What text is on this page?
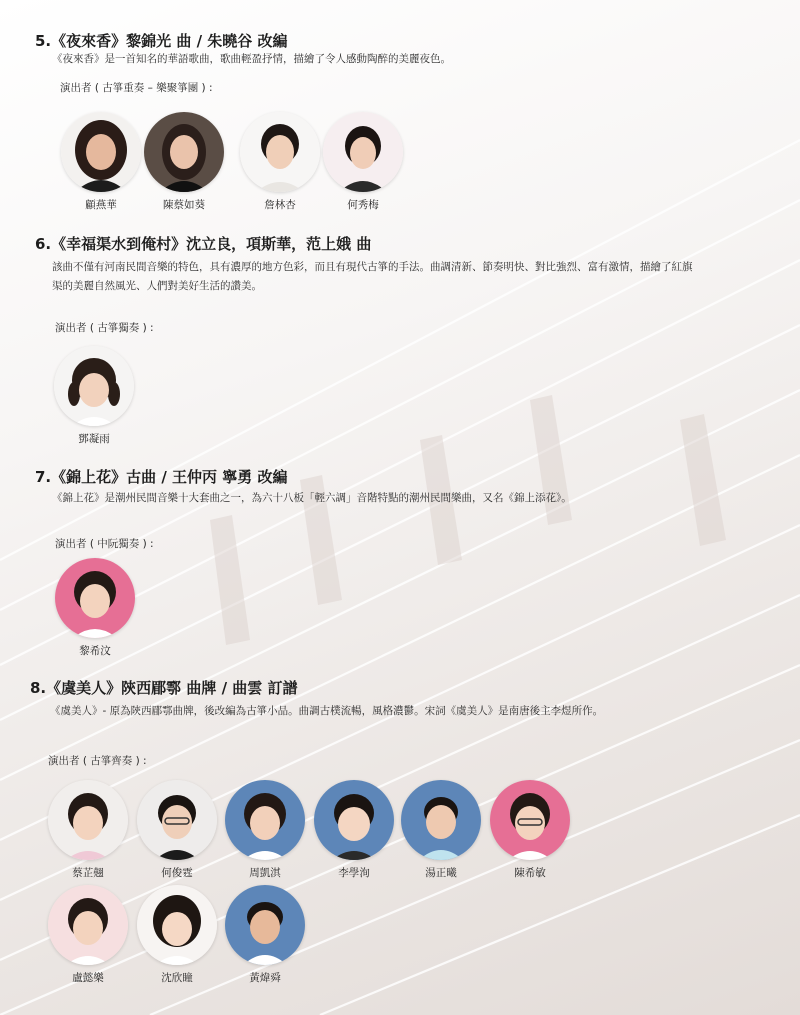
5.《夜來香》黎錦光 曲 / 朱曉谷 改編
《夜來香》是一首知名的華語歌曲，歌曲輕盈抒情，描繪了令人感動陶醉的美麗夜色。
演出者 ( 古箏重奏 – 樂聚箏團 ) :
顧燕華	陳蔡如葵	詹林杏	何秀梅
6.《幸福渠水到俺村》沈立良，項斯華，范上娥 曲
該曲不僅有河南民間音樂的特色，具有濃厚的地方色彩，而且有現代古箏的手法。曲調清新、節奏明快、對比強烈、富有激情，描繪了紅旗
渠的美麗自然風光、人們對美好生活的讚美。
演出者 ( 古箏獨奏 ) :
鄧凝雨
7.《錦上花》古曲 / 王仲丙 寧勇 改編
《錦上花》是潮州民間音樂十大套曲之一，為六十八板「輕六調」音階特點的潮州民間樂曲，又名《錦上添花》。
演出者 ( 中阮獨奏 ) :
黎希汶
8.《虞美人》陝西郿鄠 曲牌 / 曲雲 訂譜
《虞美人》- 原為陝西郿鄠曲牌，後改編為古箏小品。曲調古樸流暢，風格濃鬱。宋詞《虞美人》是南唐後主李煜所作。
演出者 ( 古箏齊奏 ) :
蔡芷翹	何俊霆	周凱淇	李學洵	湯正曦	陳希敏
盧懿樂	沈欣瞳	黃煒舜
